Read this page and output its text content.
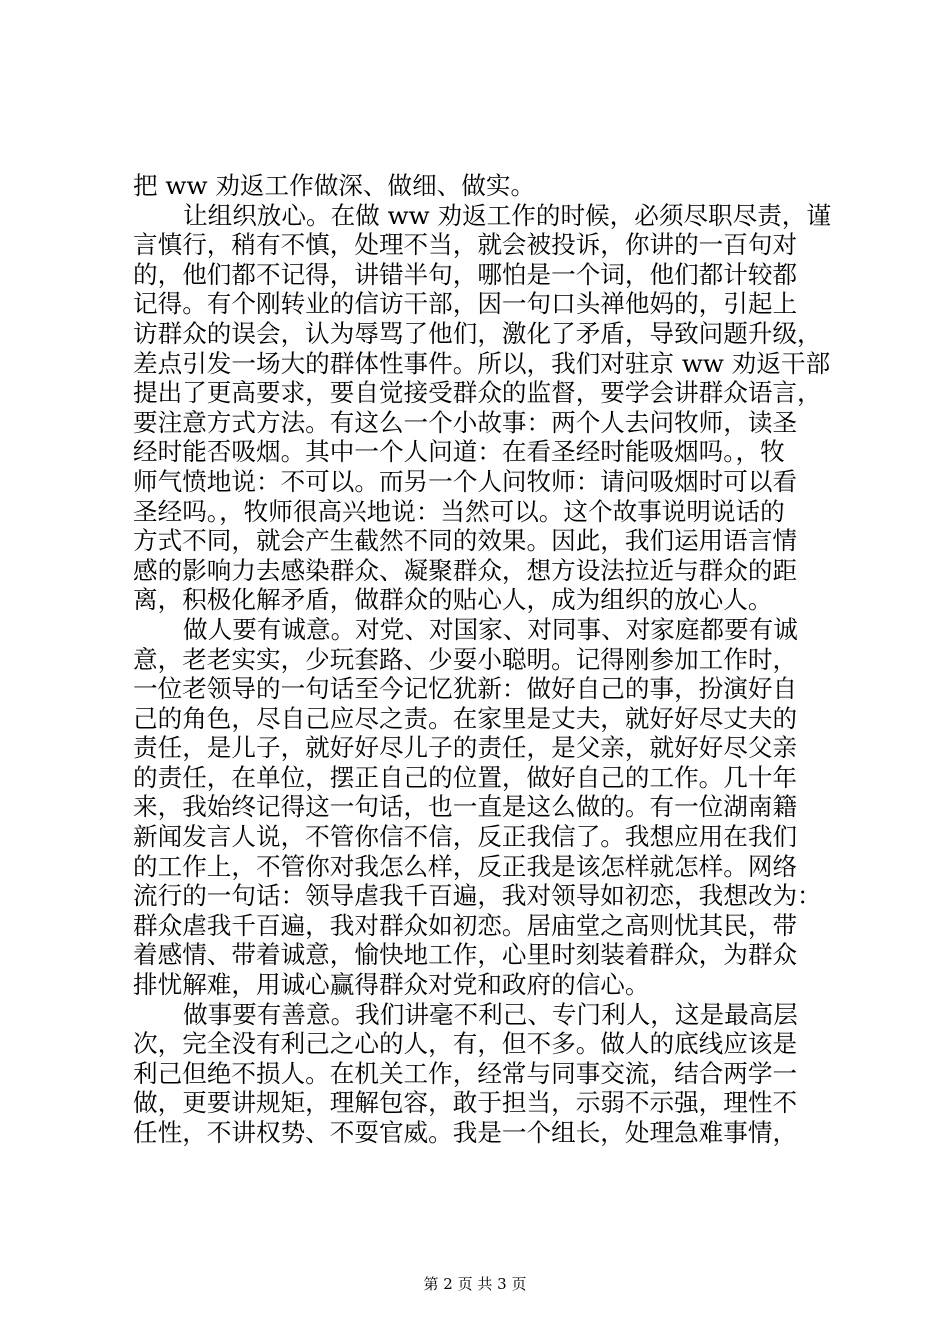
把 ww 劝返工作做深、做细、做实。
让组织放心。在做 ww 劝返工作的时候，必须尽职尽责，谨
言慎行，稍有不慎，处理不当，就会被投诉，你讲的一百句对
的，他们都不记得，讲错半句，哪怕是一个词，他们都计较都
记得。有个刚转业的信访干部，因一句口头禅他妈的，引起上
访群众的误会，认为辱骂了他们，激化了矛盾，导致问题升级，
差点引发一场大的群体性事件。所以，我们对驻京 ww 劝返干部
提出了更高要求，要自觉接受群众的监督，要学会讲群众语言，
要注意方式方法。有这么一个小故事：两个人去问牧师，读圣
经时能否吸烟。其中一个人问道：在看圣经时能吸烟吗。，牧
师气愤地说：不可以。而另一个人问牧师：请问吸烟时可以看
圣经吗。，牧师很高兴地说：当然可以。这个故事说明说话的
方式不同，就会产生截然不同的效果。因此，我们运用语言情
感的影响力去感染群众、凝聚群众，想方设法拉近与群众的距
离，积极化解矛盾，做群众的贴心人，成为组织的放心人。
做人要有诚意。对党、对国家、对同事、对家庭都要有诚
意，老老实实，少玩套路、少耍小聪明。记得刚参加工作时，
一位老领导的一句话至今记忆犹新：做好自己的事，扮演好自
己的角色，尽自己应尽之责。在家里是丈夫，就好好尽丈夫的
责任，是儿子，就好好尽儿子的责任，是父亲，就好好尽父亲
的责任，在单位，摆正自己的位置，做好自己的工作。几十年
来，我始终记得这一句话，也一直是这么做的。有一位湖南籍
新闻发言人说，不管你信不信，反正我信了。我想应用在我们
的工作上，不管你对我怎么样，反正我是该怎样就怎样。网络
流行的一句话：领导虐我千百遍，我对领导如初恋，我想改为：
群众虐我千百遍，我对群众如初恋。居庙堂之高则忧其民，带
着感情、带着诚意，愉快地工作，心里时刻装着群众，为群众
排忧解难，用诚心赢得群众对党和政府的信心。
做事要有善意。我们讲毫不利己、专门利人，这是最高层
次，完全没有利己之心的人，有，但不多。做人的底线应该是
利己但绝不损人。在机关工作，经常与同事交流，结合两学一
做，更要讲规矩，理解包容，敢于担当，示弱不示强，理性不
任性，不讲权势、不耍官威。我是一个组长，处理急难事情，
第 2 页 共 3 页
